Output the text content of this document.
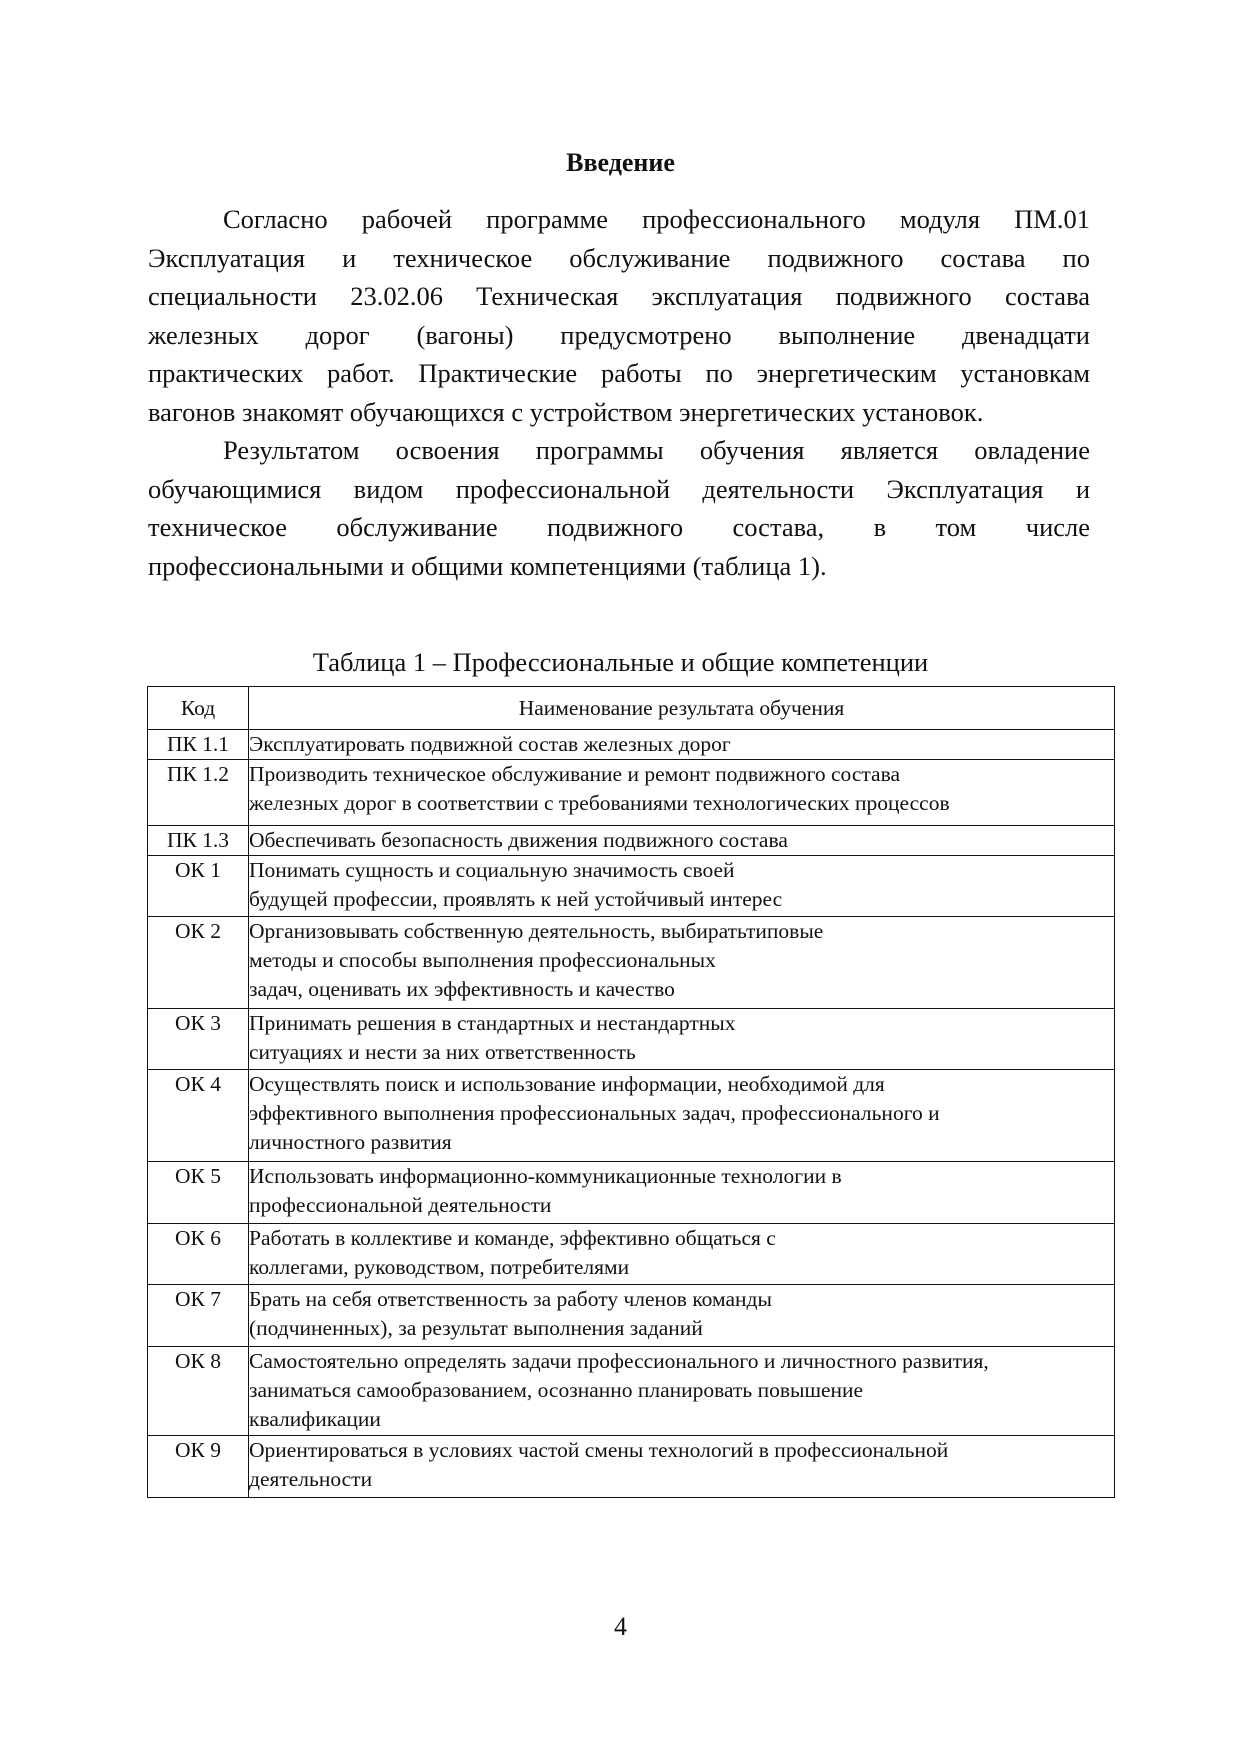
Введение
Согласно рабочей программе профессионального модуля ПМ.01
Эксплуатация и техническое обслуживание подвижного состава по
специальности 23.02.06 Техническая эксплуатация подвижного состава
железных дорог (вагоны) предусмотрено выполнение двенадцати
практических работ. Практические работы по энергетическим установкам
вагонов знакомят обучающихся с устройством энергетических установок.
Результатом освоения программы обучения является овладение
обучающимися видом профессиональной деятельности Эксплуатация и
техническое обслуживание подвижного состава, в том числе
профессиональными и общими компетенциями (таблица 1).
Таблица 1 – Профессиональные и общие компетенции
Код	Наименование результата обучения
ПК 1.1	Эксплуатировать подвижной состав железных дорог

ПК 1.2	Производить техническое обслуживание и ремонт подвижного состава
железных дорог в соответствии с требованиями технологических процессов

ПК 1.3	Обеспечивать безопасность движения подвижного состава

ОК 1	Понимать сущность и социальную значимость своей
будущей профессии, проявлять к ней устойчивый интерес

ОК 2	Организовывать собственную деятельность, выбиратьтиповые
методы и способы выполнения профессиональных
задач, оценивать их эффективность и качество

ОК 3	Принимать решения в стандартных и нестандартных
ситуациях и нести за них ответственность

ОК 4	Осуществлять поиск и использование информации, необходимой для
эффективного выполнения профессиональных задач, профессионального и
личностного развития

ОК 5	Использовать информационно-коммуникационные технологии в
профессиональной деятельности

ОК 6	Работать в коллективе и команде, эффективно общаться с
коллегами, руководством, потребителями

ОК 7	Брать на себя ответственность за работу членов команды
(подчиненных), за результат выполнения заданий

ОК 8	Самостоятельно определять задачи профессионального и личностного развития,
заниматься самообразованием, осознанно планировать повышение
квалификации

ОК 9	Ориентироваться в условиях частой смены технологий в профессиональной
деятельности
4
